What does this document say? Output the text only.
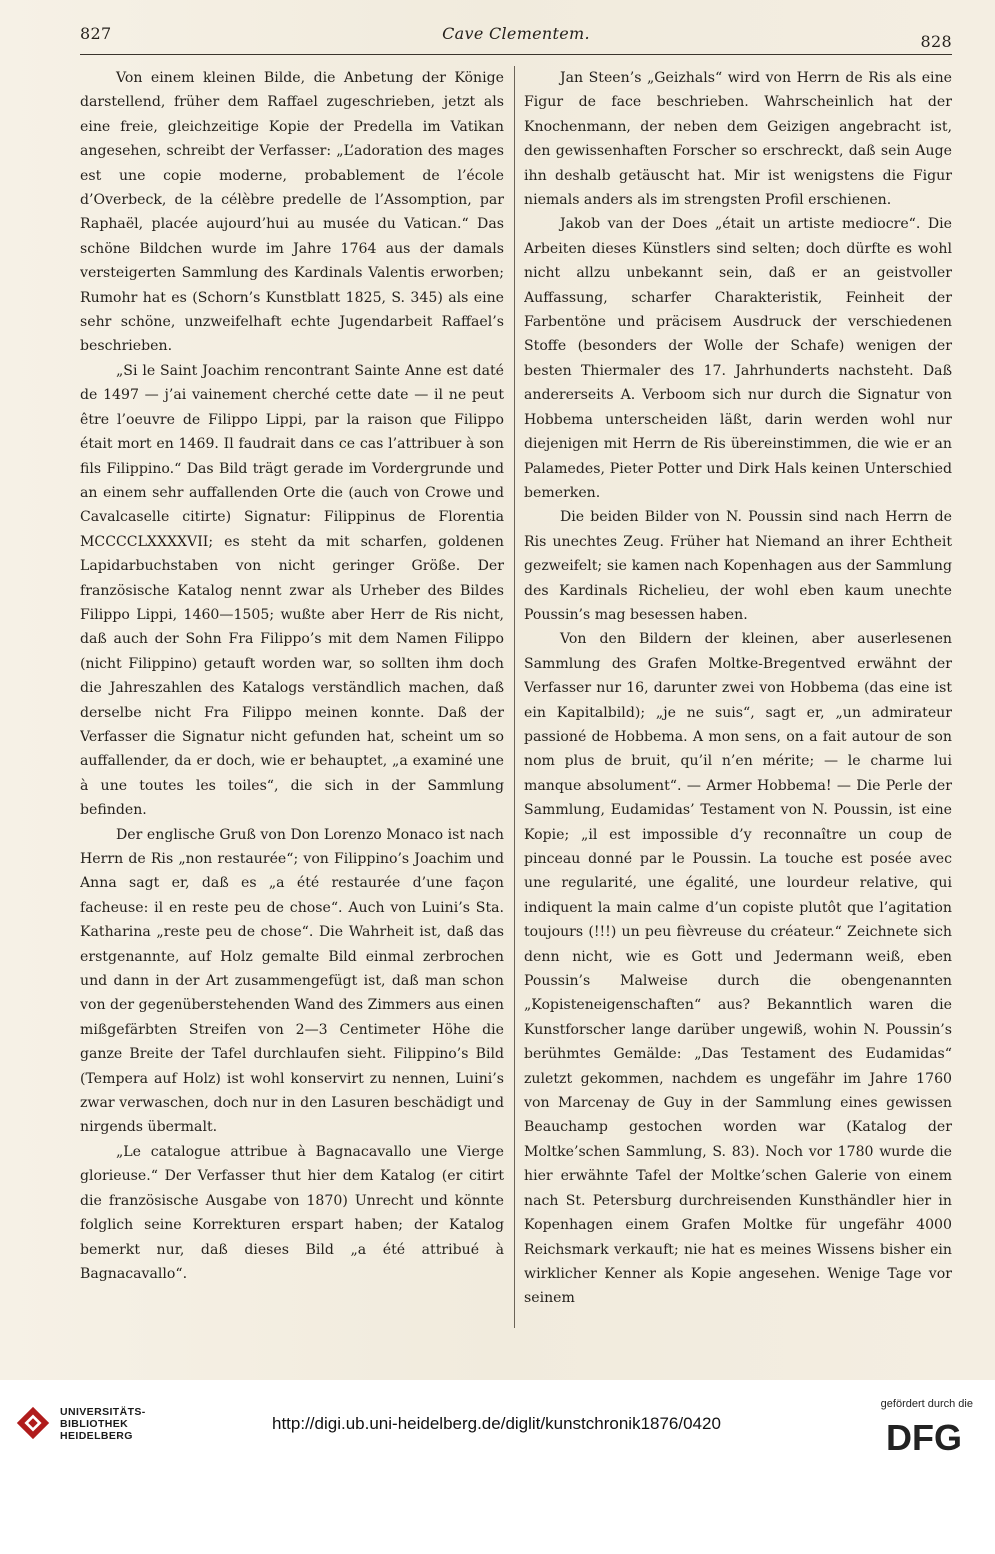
827	Cave Clementem.	828

Von einem kleinen Bilde, die Anbetung der Könige darstellend, früher dem Raffael zugeschrieben, jetzt als eine freie, gleichzeitige Kopie der Predella im Vatikan angesehen, schreibt der Verfasser: „L’adoration des mages est une copie moderne, probablement de l’école d’Overbeck, de la célèbre predelle de l’Assomption, par Raphaël, placée aujourd’hui au musée du Vatican.“ Das schöne Bildchen wurde im Jahre 1764 aus der damals versteigerten Sammlung des Kardinals Valentis erworben; Rumohr hat es (Schorn’s Kunstblatt 1825, S. 345) als eine sehr schöne, unzweifelhaft echte Jugendarbeit Raffael’s beschrieben.

„Si le Saint Joachim rencontrant Sainte Anne est daté de 1497 — j’ai vainement cherché cette date — il ne peut être l’oeuvre de Filippo Lippi, par la raison que Filippo était mort en 1469. Il faudrait dans ce cas l’attribuer à son fils Filippino.“ Das Bild trägt gerade im Vordergrunde und an einem sehr auffallenden Orte die (auch von Crowe und Cavalcaselle citirte) Signatur: Filippinus de Florentia MCCCCLXXXXVII; es steht da mit scharfen, goldenen Lapidarbuchstaben von nicht geringer Größe. Der französische Katalog nennt zwar als Urheber des Bildes Filippo Lippi, 1460—1505; wußte aber Herr de Ris nicht, daß auch der Sohn Fra Filippo’s mit dem Namen Filippo (nicht Filippino) getauft worden war, so sollten ihm doch die Jahreszahlen des Katalogs verständlich machen, daß derselbe nicht Fra Filippo meinen konnte. Daß der Verfasser die Signatur nicht gefunden hat, scheint um so auffallender, da er doch, wie er behauptet, „a examiné une à une toutes les toiles“, die sich in der Sammlung befinden.

Der englische Gruß von Don Lorenzo Monaco ist nach Herrn de Ris „non restaurée“; von Filippino’s Joachim und Anna sagt er, daß es „a été restaurée d’une façon facheuse: il en reste peu de chose“. Auch von Luini’s Sta. Katharina „reste peu de chose“. Die Wahrheit ist, daß das erstgenannte, auf Holz gemalte Bild einmal zerbrochen und dann in der Art zusammengefügt ist, daß man schon von der gegenüberstehenden Wand des Zimmers aus einen mißgefärbten Streifen von 2—3 Centimeter Höhe die ganze Breite der Tafel durchlaufen sieht. Filippino’s Bild (Tempera auf Holz) ist wohl konservirt zu nennen, Luini’s zwar verwaschen, doch nur in den Lasuren beschädigt und nirgends übermalt.

„Le catalogue attribue à Bagnacavallo une Vierge glorieuse.“ Der Verfasser thut hier dem Katalog (er citirt die französische Ausgabe von 1870) Unrecht und könnte folglich seine Korrekturen erspart haben; der Katalog bemerkt nur, daß dieses Bild „a été attribué à Bagnacavallo“.

Jan Steen’s „Geizhals“ wird von Herrn de Ris als eine Figur de face beschrieben. Wahrscheinlich hat der Knochenmann, der neben dem Geizigen angebracht ist, den gewissenhaften Forscher so erschreckt, daß sein Auge ihn deshalb getäuscht hat. Mir ist wenigstens die Figur niemals anders als im strengsten Profil erschienen.

Jakob van der Does „était un artiste mediocre“. Die Arbeiten dieses Künstlers sind selten; doch dürfte es wohl nicht allzu unbekannt sein, daß er an geistvoller Auffassung, scharfer Charakteristik, Feinheit der Farbentöne und präcisem Ausdruck der verschiedenen Stoffe (besonders der Wolle der Schafe) wenigen der besten Thiermaler des 17. Jahrhunderts nachsteht. Daß andererseits A. Verboom sich nur durch die Signatur von Hobbema unterscheiden läßt, darin werden wohl nur diejenigen mit Herrn de Ris übereinstimmen, die wie er an Palamedes, Pieter Potter und Dirk Hals keinen Unterschied bemerken.

Die beiden Bilder von N. Poussin sind nach Herrn de Ris unechtes Zeug. Früher hat Niemand an ihrer Echtheit gezweifelt; sie kamen nach Kopenhagen aus der Sammlung des Kardinals Richelieu, der wohl eben kaum unechte Poussin’s mag besessen haben.

Von den Bildern der kleinen, aber auserlesenen Sammlung des Grafen Moltke-Bregentved erwähnt der Verfasser nur 16, darunter zwei von Hobbema (das eine ist ein Kapitalbild); „je ne suis“, sagt er, „un admirateur passioné de Hobbema. A mon sens, on a fait autour de son nom plus de bruit, qu’il n’en mérite; — le charme lui manque absolument“. — Armer Hobbema! — Die Perle der Sammlung, Eudamidas’ Testament von N. Poussin, ist eine Kopie; „il est impossible d’y reconnaître un coup de pinceau donné par le Poussin. La touche est posée avec une regularité, une égalité, une lourdeur relative, qui indiquent la main calme d’un copiste plutôt que l’agitation toujours (!!!) un peu fièvreuse du créateur.“ Zeichnete sich denn nicht, wie es Gott und Jedermann weiß, eben Poussin’s Malweise durch die obengenannten „Kopisteneigenschaften“ aus? Bekanntlich waren die Kunstforscher lange darüber ungewiß, wohin N. Poussin’s berühmtes Gemälde: „Das Testament des Eudamidas“ zuletzt gekommen, nachdem es ungefähr im Jahre 1760 von Marcenay de Guy in der Sammlung eines gewissen Beauchamp gestochen worden war (Katalog der Moltke’schen Sammlung, S. 83). Noch vor 1780 wurde die hier erwähnte Tafel der Moltke’schen Galerie von einem nach St. Petersburg durchreisenden Kunsthändler hier in Kopenhagen einem Grafen Moltke für ungefähr 4000 Reichsmark verkauft; nie hat es meines Wissens bisher ein wirklicher Kenner als Kopie angesehen. Wenige Tage vor seinem

UNIVERSITÄTS-
BIBLIOTHEK
HEIDELBERG
http://digi.ub.uni-heidelberg.de/diglit/kunstchronik1876/0420
gefördert durch die
DFG
